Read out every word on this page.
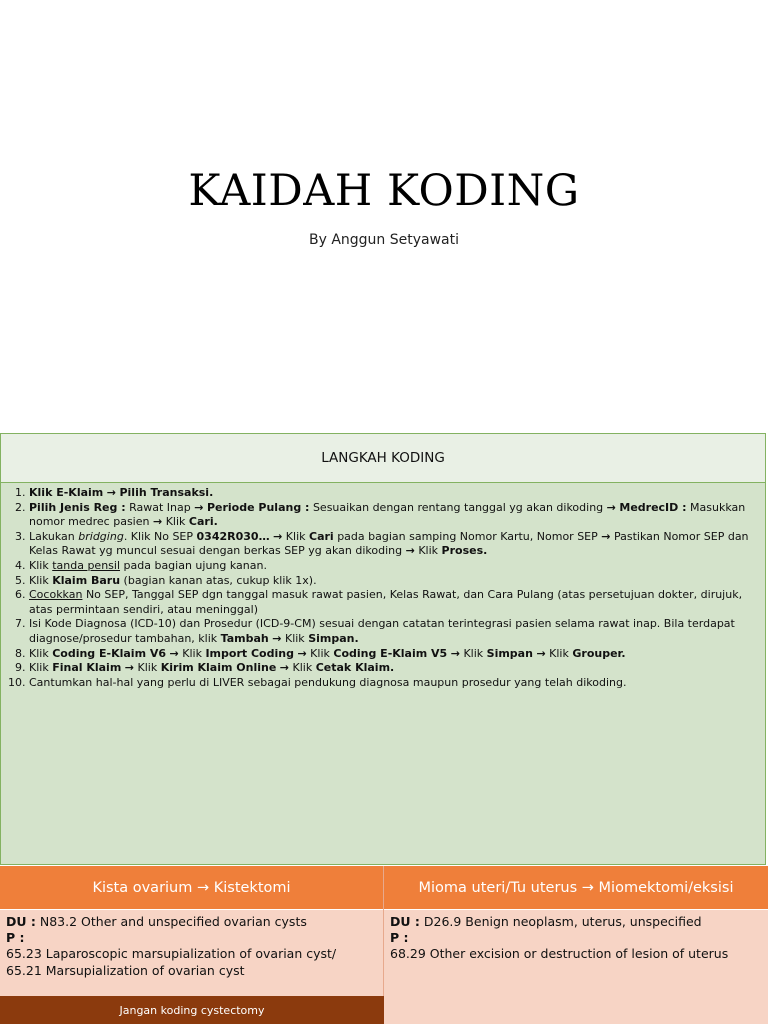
KAIDAH KODING
By Anggun Setyawati
LANGKAH KODING
1. Klik E-Klaim → Pilih Transaksi.
2. Pilih Jenis Reg : Rawat Inap → Periode Pulang : Sesuaikan dengan rentang tanggal yg akan dikoding → MedrecID : Masukkan nomor medrec pasien → Klik Cari.
3. Lakukan bridging. Klik No SEP 0342R030… → Klik Cari pada bagian samping Nomor Kartu, Nomor SEP → Pastikan Nomor SEP dan Kelas Rawat yg muncul sesuai dengan berkas SEP yg akan dikoding → Klik Proses.
4. Klik tanda pensil pada bagian ujung kanan.
5. Klik Klaim Baru (bagian kanan atas, cukup klik 1x).
6. Cocokkan No SEP, Tanggal SEP dgn tanggal masuk rawat pasien, Kelas Rawat, dan Cara Pulang (atas persetujuan dokter, dirujuk, atas permintaan sendiri, atau meninggal)
7. Isi Kode Diagnosa (ICD-10) dan Prosedur (ICD-9-CM) sesuai dengan catatan terintegrasi pasien selama rawat inap. Bila terdapat diagnose/prosedur tambahan, klik Tambah → Klik Simpan.
8. Klik Coding E-Klaim V6 → Klik Import Coding → Klik Coding E-Klaim V5 → Klik Simpan → Klik Grouper.
9. Klik Final Klaim → Klik Kirim Klaim Online → Klik Cetak Klaim.
10. Cantumkan hal-hal yang perlu di LIVER sebagai pendukung diagnosa maupun prosedur yang telah dikoding.
Kista ovarium → Kistektomi
DU : N83.2 Other and unspecified ovarian cysts
P :
65.23 Laparoscopic marsupialization of ovarian cyst/
65.21 Marsupialization of ovarian cyst
Mioma uteri/Tu uterus → Miomektomi/eksisi
DU : D26.9 Benign neoplasm, uterus, unspecified
P :
68.29 Other excision or destruction of lesion of uterus
Jangan koding cystectomy
